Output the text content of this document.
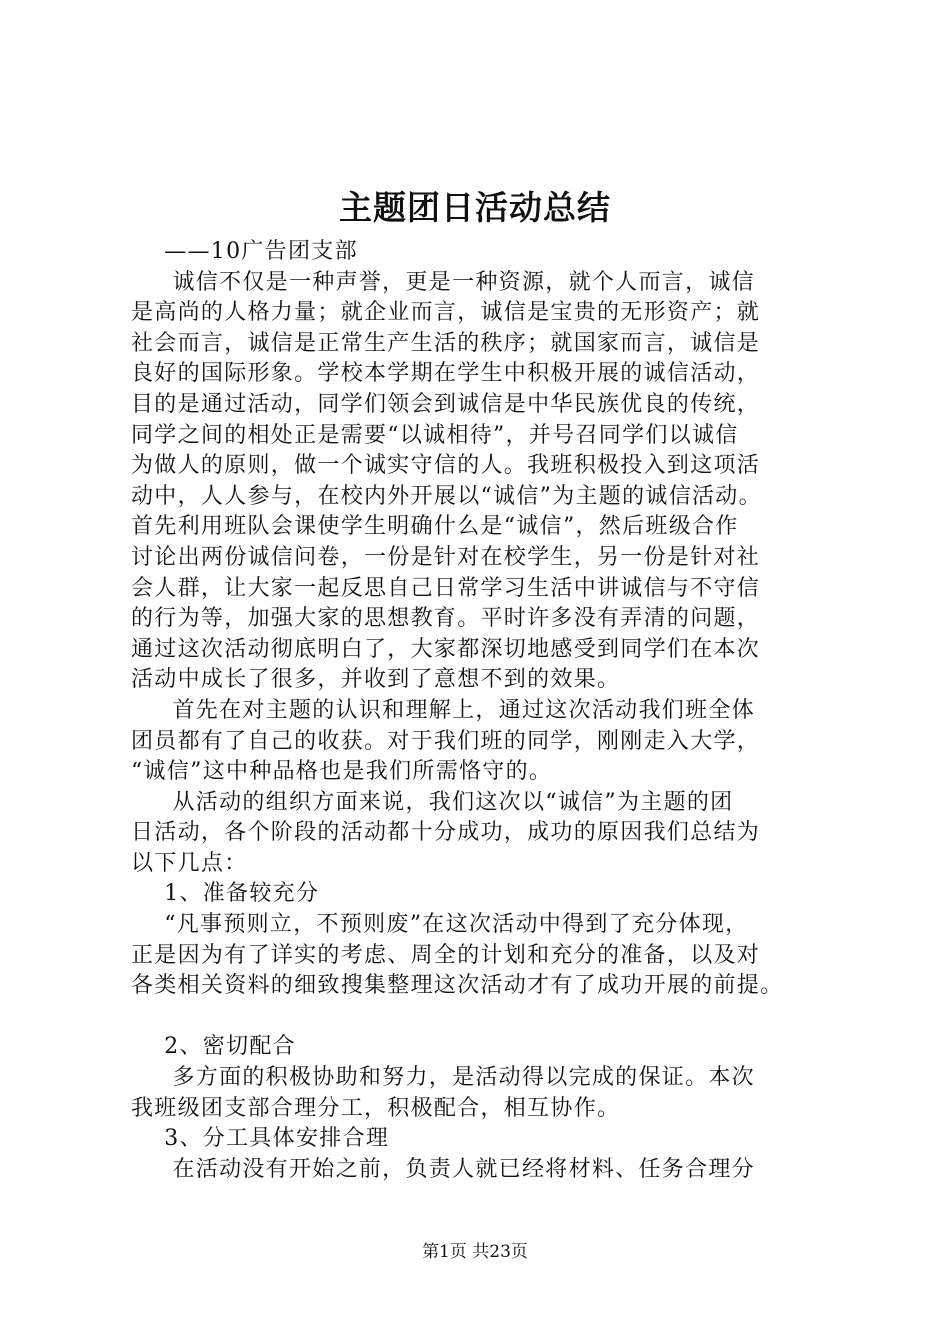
主题团日活动总结

——10广告团支部

诚信不仅是一种声誉，更是一种资源，就个人而言，诚信

是高尚的人格力量；就企业而言，诚信是宝贵的无形资产；就

社会而言，诚信是正常生产生活的秩序；就国家而言，诚信是

良好的国际形象。学校本学期在学生中积极开展的诚信活动，

目的是通过活动，同学们领会到诚信是中华民族优良的传统，

同学之间的相处正是需要“以诚相待”，并号召同学们以诚信

为做人的原则，做一个诚实守信的人。我班积极投入到这项活

动中，人人参与，在校内外开展以“诚信”为主题的诚信活动。

首先利用班队会课使学生明确什么是“诚信”，然后班级合作

讨论出两份诚信问卷，一份是针对在校学生，另一份是针对社

会人群，让大家一起反思自己日常学习生活中讲诚信与不守信

的行为等，加强大家的思想教育。平时许多没有弄清的问题，

通过这次活动彻底明白了，大家都深切地感受到同学们在本次

活动中成长了很多，并收到了意想不到的效果。

首先在对主题的认识和理解上，通过这次活动我们班全体

团员都有了自己的收获。对于我们班的同学，刚刚走入大学，

“诚信”这中种品格也是我们所需恪守的。

从活动的组织方面来说，我们这次以“诚信”为主题的团

日活动，各个阶段的活动都十分成功，成功的原因我们总结为

以下几点：

1、准备较充分

“凡事预则立，不预则废”在这次活动中得到了充分体现，

正是因为有了详实的考虑、周全的计划和充分的准备，以及对

各类相关资料的细致搜集整理这次活动才有了成功开展的前提。

2、密切配合

多方面的积极协助和努力，是活动得以完成的保证。本次

我班级团支部合理分工，积极配合，相互协作。

3、分工具体安排合理

在活动没有开始之前，负责人就已经将材料、任务合理分

第1页 共23页
